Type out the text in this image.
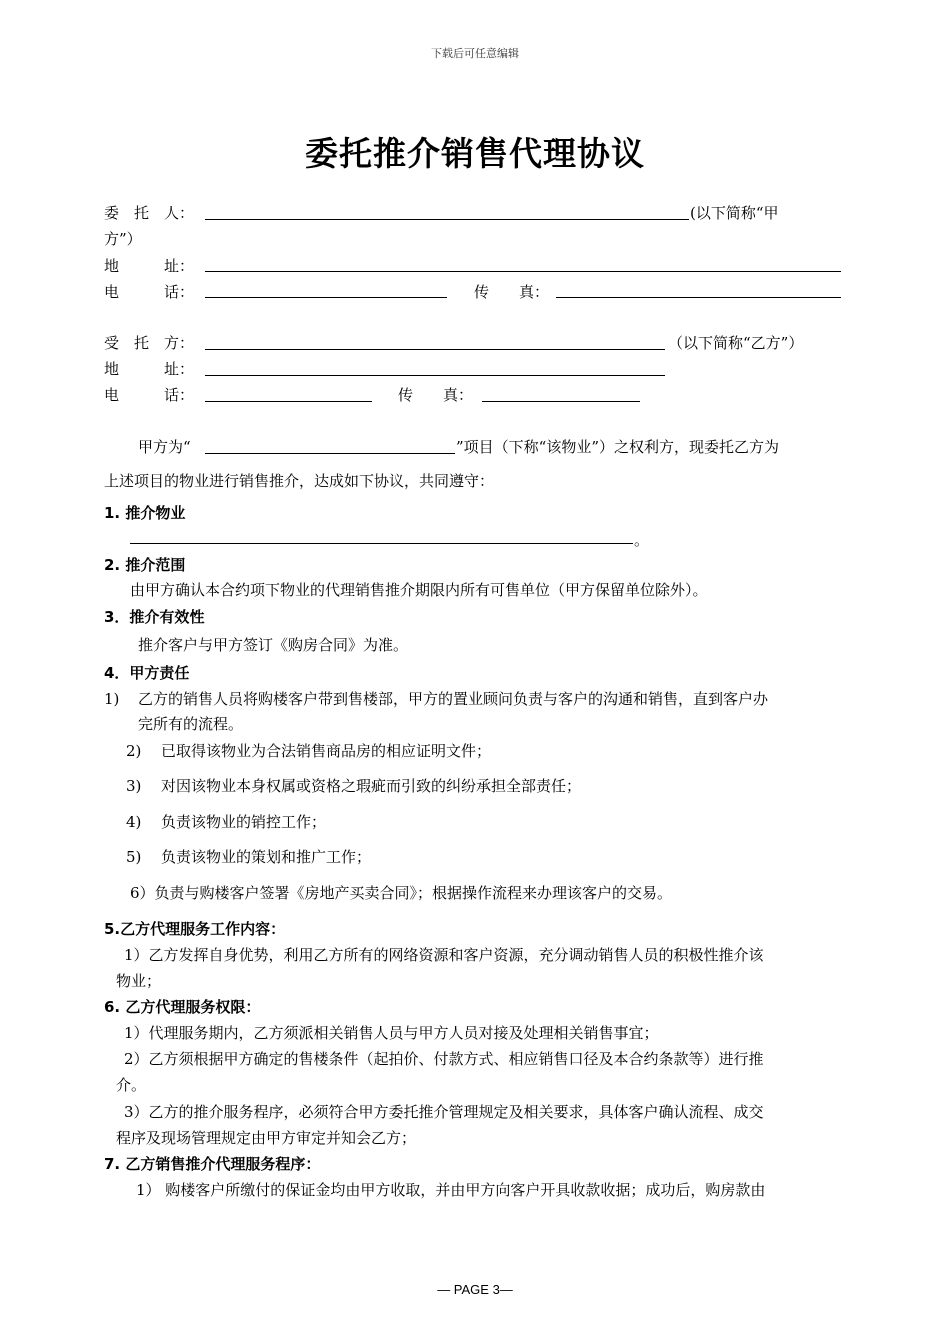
下载后可任意编辑
委托推介销售代理协议
委　托　人：	(以下简称“甲
方”）
地　　　址：
电　　　话：	传　　真：
受　托　方：	（以下简称“乙方”）
地　　　址：
电　　　话：	传　　真：
甲方为“	”项目（下称“该物业”）之权利方，现委托乙方为
上述项目的物业进行销售推介，达成如下协议，共同遵守：
1. 推介物业
。
2. 推介范围
由甲方确认本合约项下物业的代理销售推介期限内所有可售单位（甲方保留单位除外）。
3．推介有效性
推介客户与甲方签订《购房合同》为准。
4．甲方责任
1) 乙方的销售人员将购楼客户带到售楼部，甲方的置业顾问负责与客户的沟通和销售，直到客户办
完所有的流程。
2) 已取得该物业为合法销售商品房的相应证明文件；
3) 对因该物业本身权属或资格之瑕疵而引致的纠纷承担全部责任；
4) 负责该物业的销控工作；
5) 负责该物业的策划和推广工作；
6）负责与购楼客户签署《房地产买卖合同》；根据操作流程来办理该客户的交易。
5.乙方代理服务工作内容：
1）乙方发挥自身优势，利用乙方所有的网络资源和客户资源，充分调动销售人员的积极性推介该
物业；
6. 乙方代理服务权限：
1）代理服务期内，乙方须派相关销售人员与甲方人员对接及处理相关销售事宜；
2）乙方须根据甲方确定的售楼条件（起拍价、付款方式、相应销售口径及本合约条款等）进行推
介。
3）乙方的推介服务程序，必须符合甲方委托推介管理规定及相关要求，具体客户确认流程、成交
程序及现场管理规定由甲方审定并知会乙方；
7. 乙方销售推介代理服务程序：
1） 购楼客户所缴付的保证金均由甲方收取，并由甲方向客户开具收款收据；成功后，购房款由
— PAGE 3—
